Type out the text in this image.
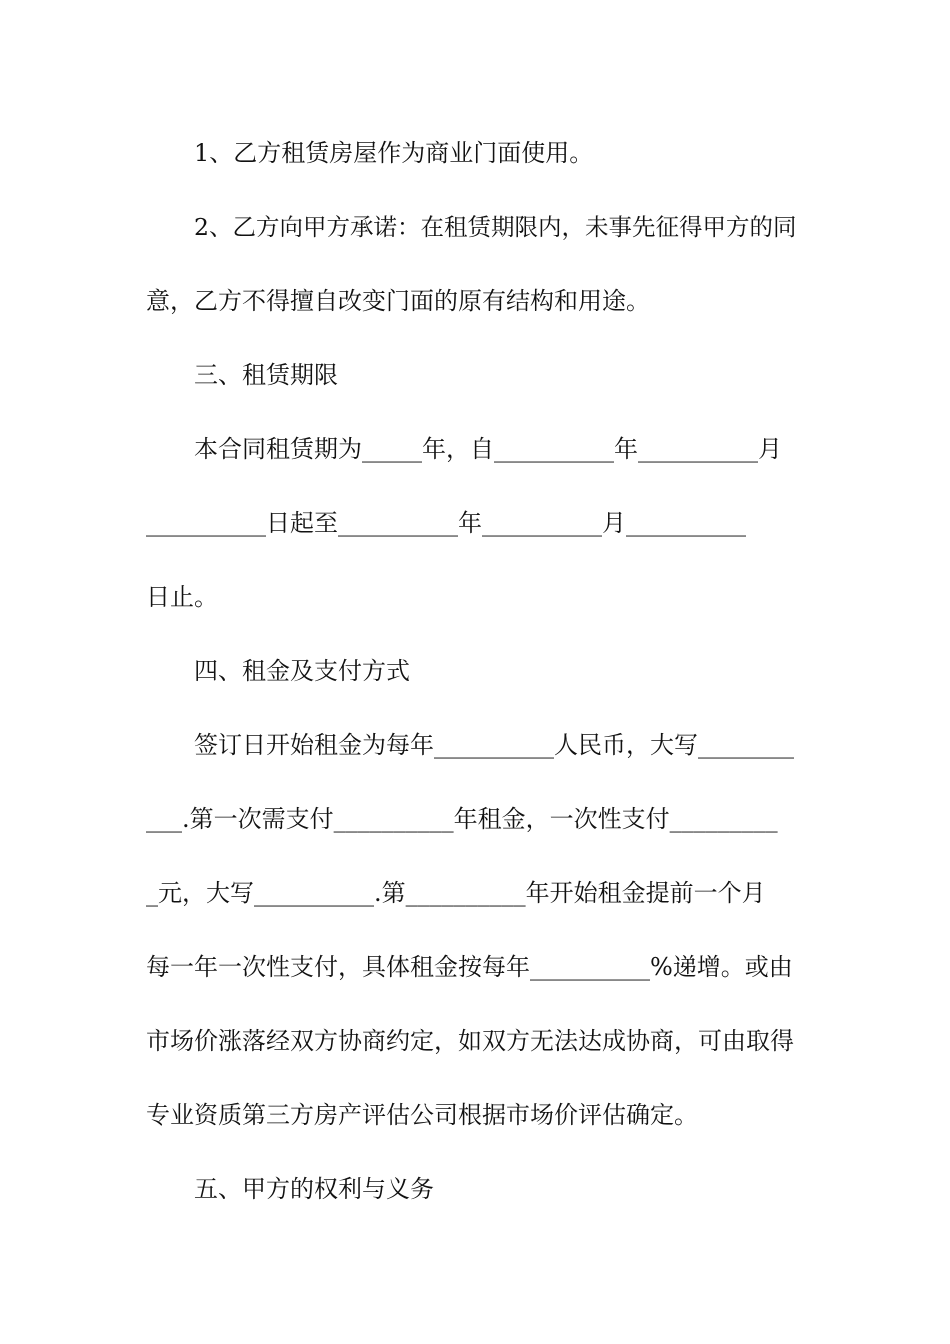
1、乙方租赁房屋作为商业门面使用。
2、乙方向甲方承诺：在租赁期限内，未事先征得甲方的同
意，乙方不得擅自改变门面的原有结构和用途。
三、租赁期限
本合同租赁期为_____年，自__________年__________月
__________日起至__________年__________月__________
日止。
四、租金及支付方式
签订日开始租金为每年__________人民币，大写________
___.第一次需支付__________年租金，一次性支付_________
_元，大写__________.第__________年开始租金提前一个月
每一年一次性支付，具体租金按每年__________%递增。或由
市场价涨落经双方协商约定，如双方无法达成协商，可由取得
专业资质第三方房产评估公司根据市场价评估确定。
五、甲方的权利与义务
